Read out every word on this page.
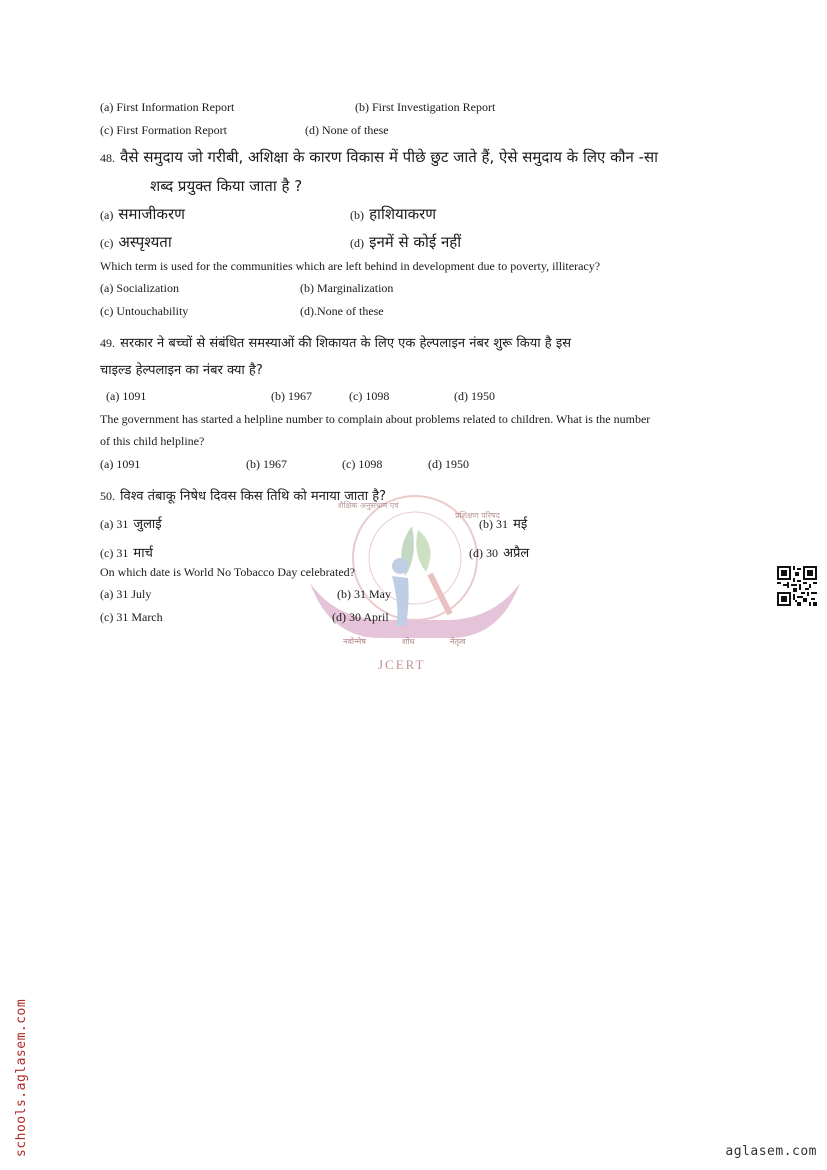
(a) First Information Report	(b) First Investigation Report
(c) First Formation Report	(d) None of these
48. वैसे समुदाय जो गरीबी, अशिक्षा के कारण विकास में पीछे छुट जाते हैं, ऐसे समुदाय के लिए कौन -सा
शब्द प्रयुक्त किया जाता है ?
(a) समाजीकरण	(b) हाशियाकरण
(c) अस्पृश्यता	(d) इनमें से कोई नहीं
Which term is used for the communities which are left behind in development due to poverty, illiteracy?
(a) Socialization	(b) Marginalization
(c) Untouchability	(d).None of these
49. सरकार ने बच्चों से संबंधित समस्याओं की शिकायत के लिए एक हेल्पलाइन नंबर शुरू किया है इस
चाइल्ड हेल्पलाइन का नंबर क्या है?
(a) 1091	(b) 1967	(c) 1098	(d) 1950
The government has started a helpline number to complain about problems related to children. What is the number
of this child helpline?
(a) 1091	(b) 1967	(c) 1098	(d) 1950
शैक्षिक अनुसंधान एवं
प्रशिक्षण परिषद
नवोन्मेष	शोध	नेतृत्व
JCERT
50. विश्व तंबाकू निषेध दिवस किस तिथि को मनाया जाता है?
(a) 31 जुलाई	(b) 31 मई
(c) 31 मार्च	(d) 30 अप्रैल
On which date is World No Tobacco Day celebrated?
(a) 31 July	(b) 31 May
(c) 31 March	(d) 30 April
schools.aglasem.com	aglasem.com
